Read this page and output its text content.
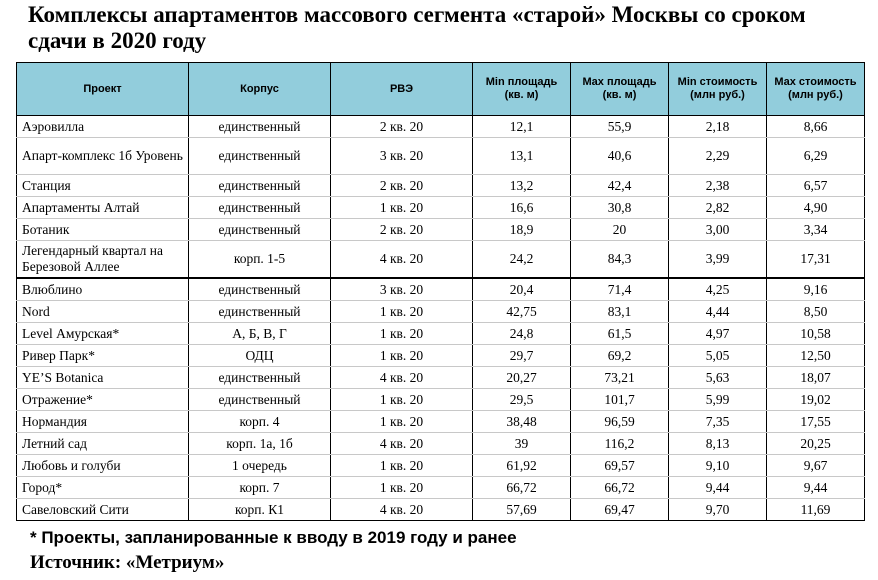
Комплексы апартаментов массового сегмента «старой» Москвы со сроком сдачи в 2020 году
Проект	Корпус	РВЭ	Min площадь (кв. м)	Max площадь (кв. м)	Min стоимость (млн руб.)	Max стоимость (млн руб.)
Аэровилла	единственный	2 кв. 20	12,1	55,9	2,18	8,66
Апарт-комплекс 1б Уровень	единственный	3 кв. 20	13,1	40,6	2,29	6,29
Станция	единственный	2 кв. 20	13,2	42,4	2,38	6,57
Апартаменты Алтай	единственный	1 кв. 20	16,6	30,8	2,82	4,90
Ботаник	единственный	2 кв. 20	18,9	20	3,00	3,34
Легендарный квартал на Березовой Аллее	корп. 1-5	4 кв. 20	24,2	84,3	3,99	17,31
Влюблино	единственный	3 кв. 20	20,4	71,4	4,25	9,16
Nord	единственный	1 кв. 20	42,75	83,1	4,44	8,50
Level Амурская*	А, Б, В, Г	1 кв. 20	24,8	61,5	4,97	10,58
Ривер Парк*	ОДЦ	1 кв. 20	29,7	69,2	5,05	12,50
YE’S Botanica	единственный	4 кв. 20	20,27	73,21	5,63	18,07
Отражение*	единственный	1 кв. 20	29,5	101,7	5,99	19,02
Нормандия	корп. 4	1 кв. 20	38,48	96,59	7,35	17,55
Летний сад	корп. 1а, 1б	4 кв. 20	39	116,2	8,13	20,25
Любовь и голуби	1 очередь	1 кв. 20	61,92	69,57	9,10	9,67
Город*	корп. 7	1 кв. 20	66,72	66,72	9,44	9,44
Савеловский Сити	корп. К1	4 кв. 20	57,69	69,47	9,70	11,69
* Проекты, запланированные к вводу в 2019 году и ранее
Источник: «Метриум»
